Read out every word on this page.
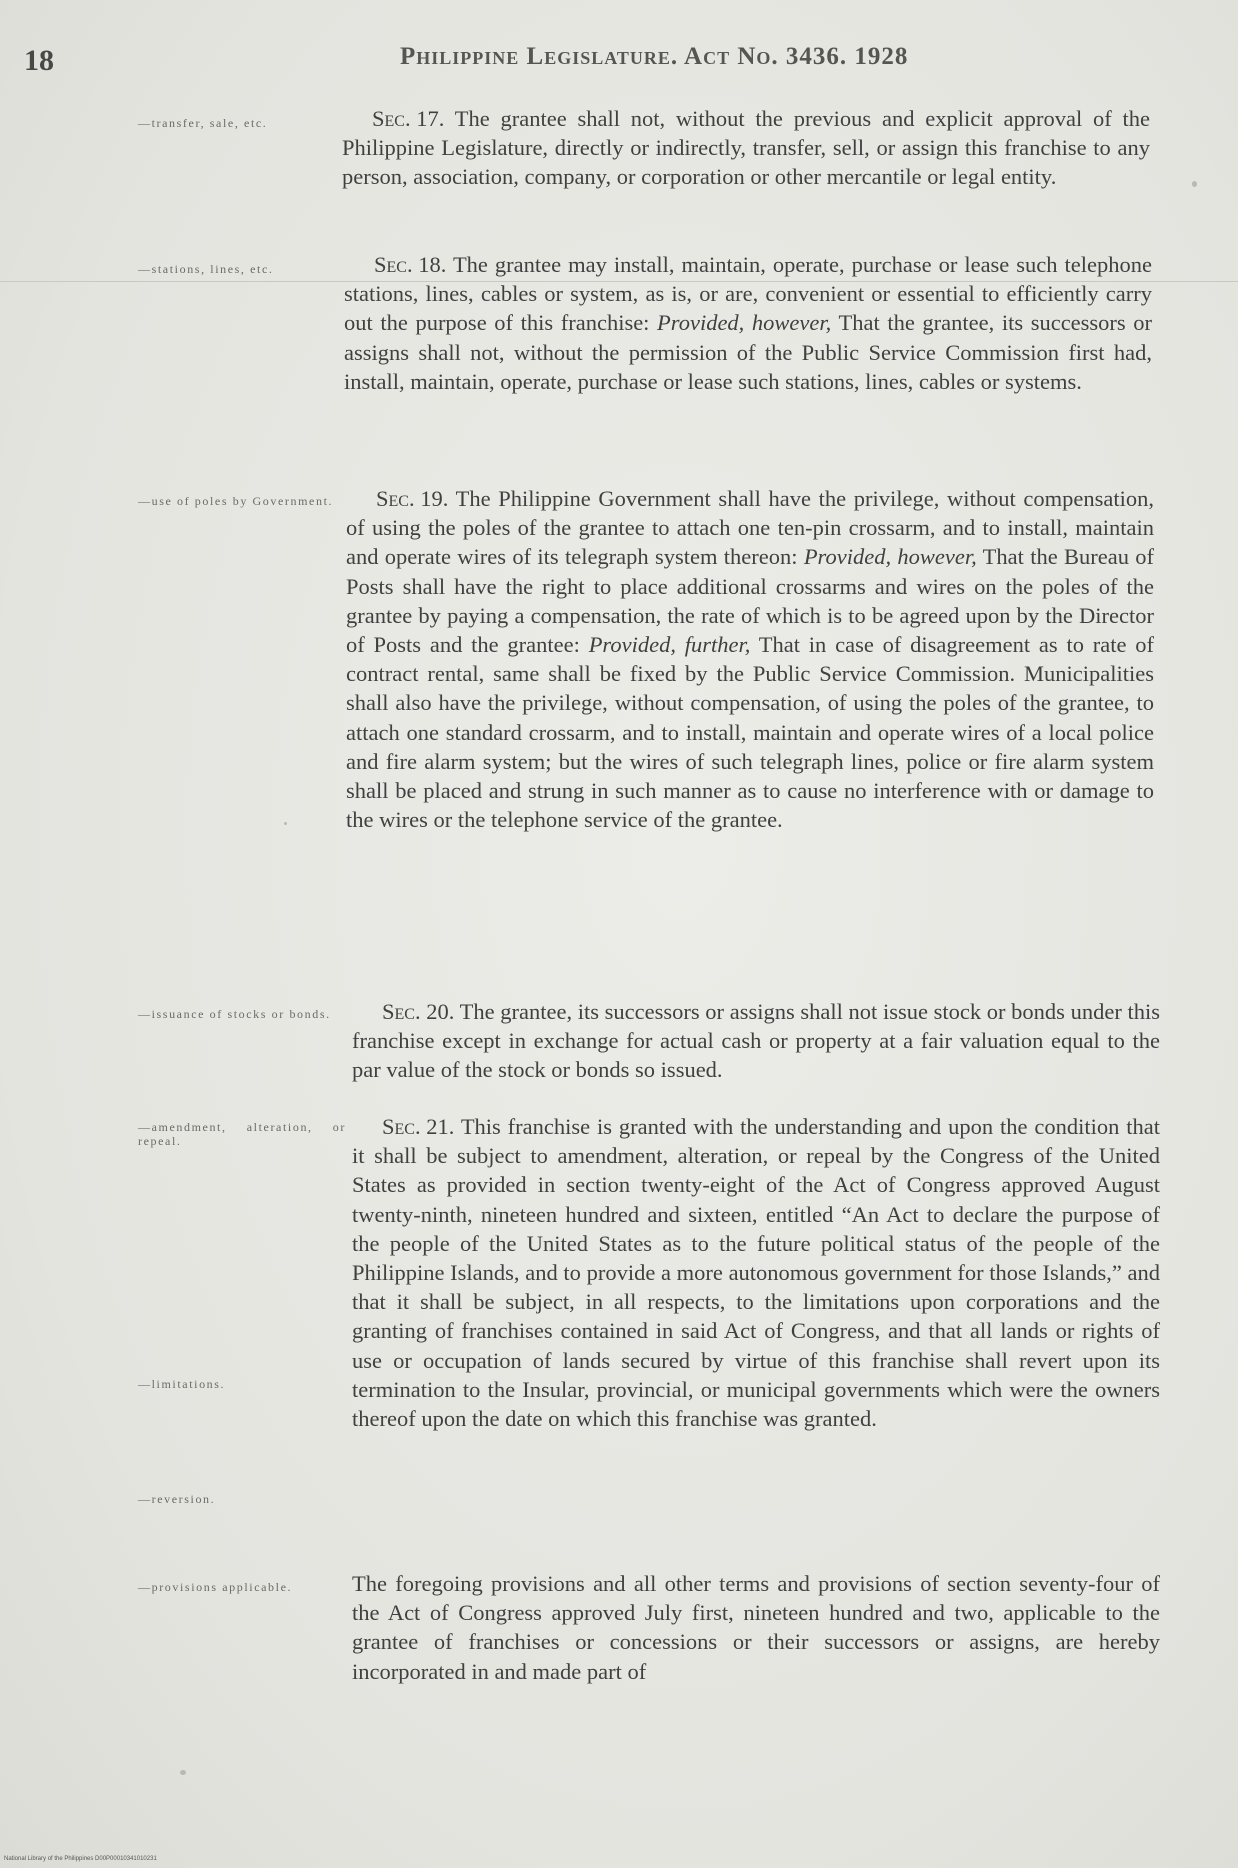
18	Philippine Legislature. Act No. 3436. 1928
—transfer, sale, etc.
—stations, lines, etc.
—use of poles by Government.
—issuance of stocks or bonds.
—amendment, alteration, or repeal.
—limitations.
—reversion.
—provisions applicable.
Sec. 17. The grantee shall not, without the previous and explicit approval of the Philippine Legislature, directly or indirectly, transfer, sell, or assign this franchise to any person, association, company, or corporation or other mercantile or legal entity.
Sec. 18. The grantee may install, maintain, operate, purchase or lease such telephone stations, lines, cables or system, as is, or are, convenient or essential to efficiently carry out the purpose of this franchise: Provided, however, That the grantee, its successors or assigns shall not, without the permission of the Public Service Commission first had, install, maintain, operate, purchase or lease such stations, lines, cables or systems.
Sec. 19. The Philippine Government shall have the privilege, without compensation, of using the poles of the grantee to attach one ten-pin crossarm, and to install, maintain and operate wires of its telegraph system thereon: Provided, however, That the Bureau of Posts shall have the right to place additional crossarms and wires on the poles of the grantee by paying a compensation, the rate of which is to be agreed upon by the Director of Posts and the grantee: Provided, further, That in case of disagreement as to rate of contract rental, same shall be fixed by the Public Service Commission. Municipalities shall also have the privilege, without compensation, of using the poles of the grantee, to attach one standard crossarm, and to install, maintain and operate wires of a local police and fire alarm system; but the wires of such telegraph lines, police or fire alarm system shall be placed and strung in such manner as to cause no interference with or damage to the wires or the telephone service of the grantee.
Sec. 20. The grantee, its successors or assigns shall not issue stock or bonds under this franchise except in exchange for actual cash or property at a fair valuation equal to the par value of the stock or bonds so issued.
Sec. 21. This franchise is granted with the understanding and upon the condition that it shall be subject to amendment, alteration, or repeal by the Congress of the United States as provided in section twenty-eight of the Act of Congress approved August twenty-ninth, nineteen hundred and sixteen, entitled “An Act to declare the purpose of the people of the United States as to the future political status of the people of the Philippine Islands, and to provide a more autonomous government for those Islands,” and that it shall be subject, in all respects, to the limitations upon corporations and the granting of franchises contained in said Act of Congress, and that all lands or rights of use or occupation of lands secured by virtue of this franchise shall revert upon its termination to the Insular, provincial, or municipal governments which were the owners thereof upon the date on which this franchise was granted.
The foregoing provisions and all other terms and provisions of section seventy-four of the Act of Congress approved July first, nineteen hundred and two, applicable to the grantee of franchises or concessions or their successors or assigns, are hereby incorporated in and made part of
National Library of the Philippines D00P00010341010231
